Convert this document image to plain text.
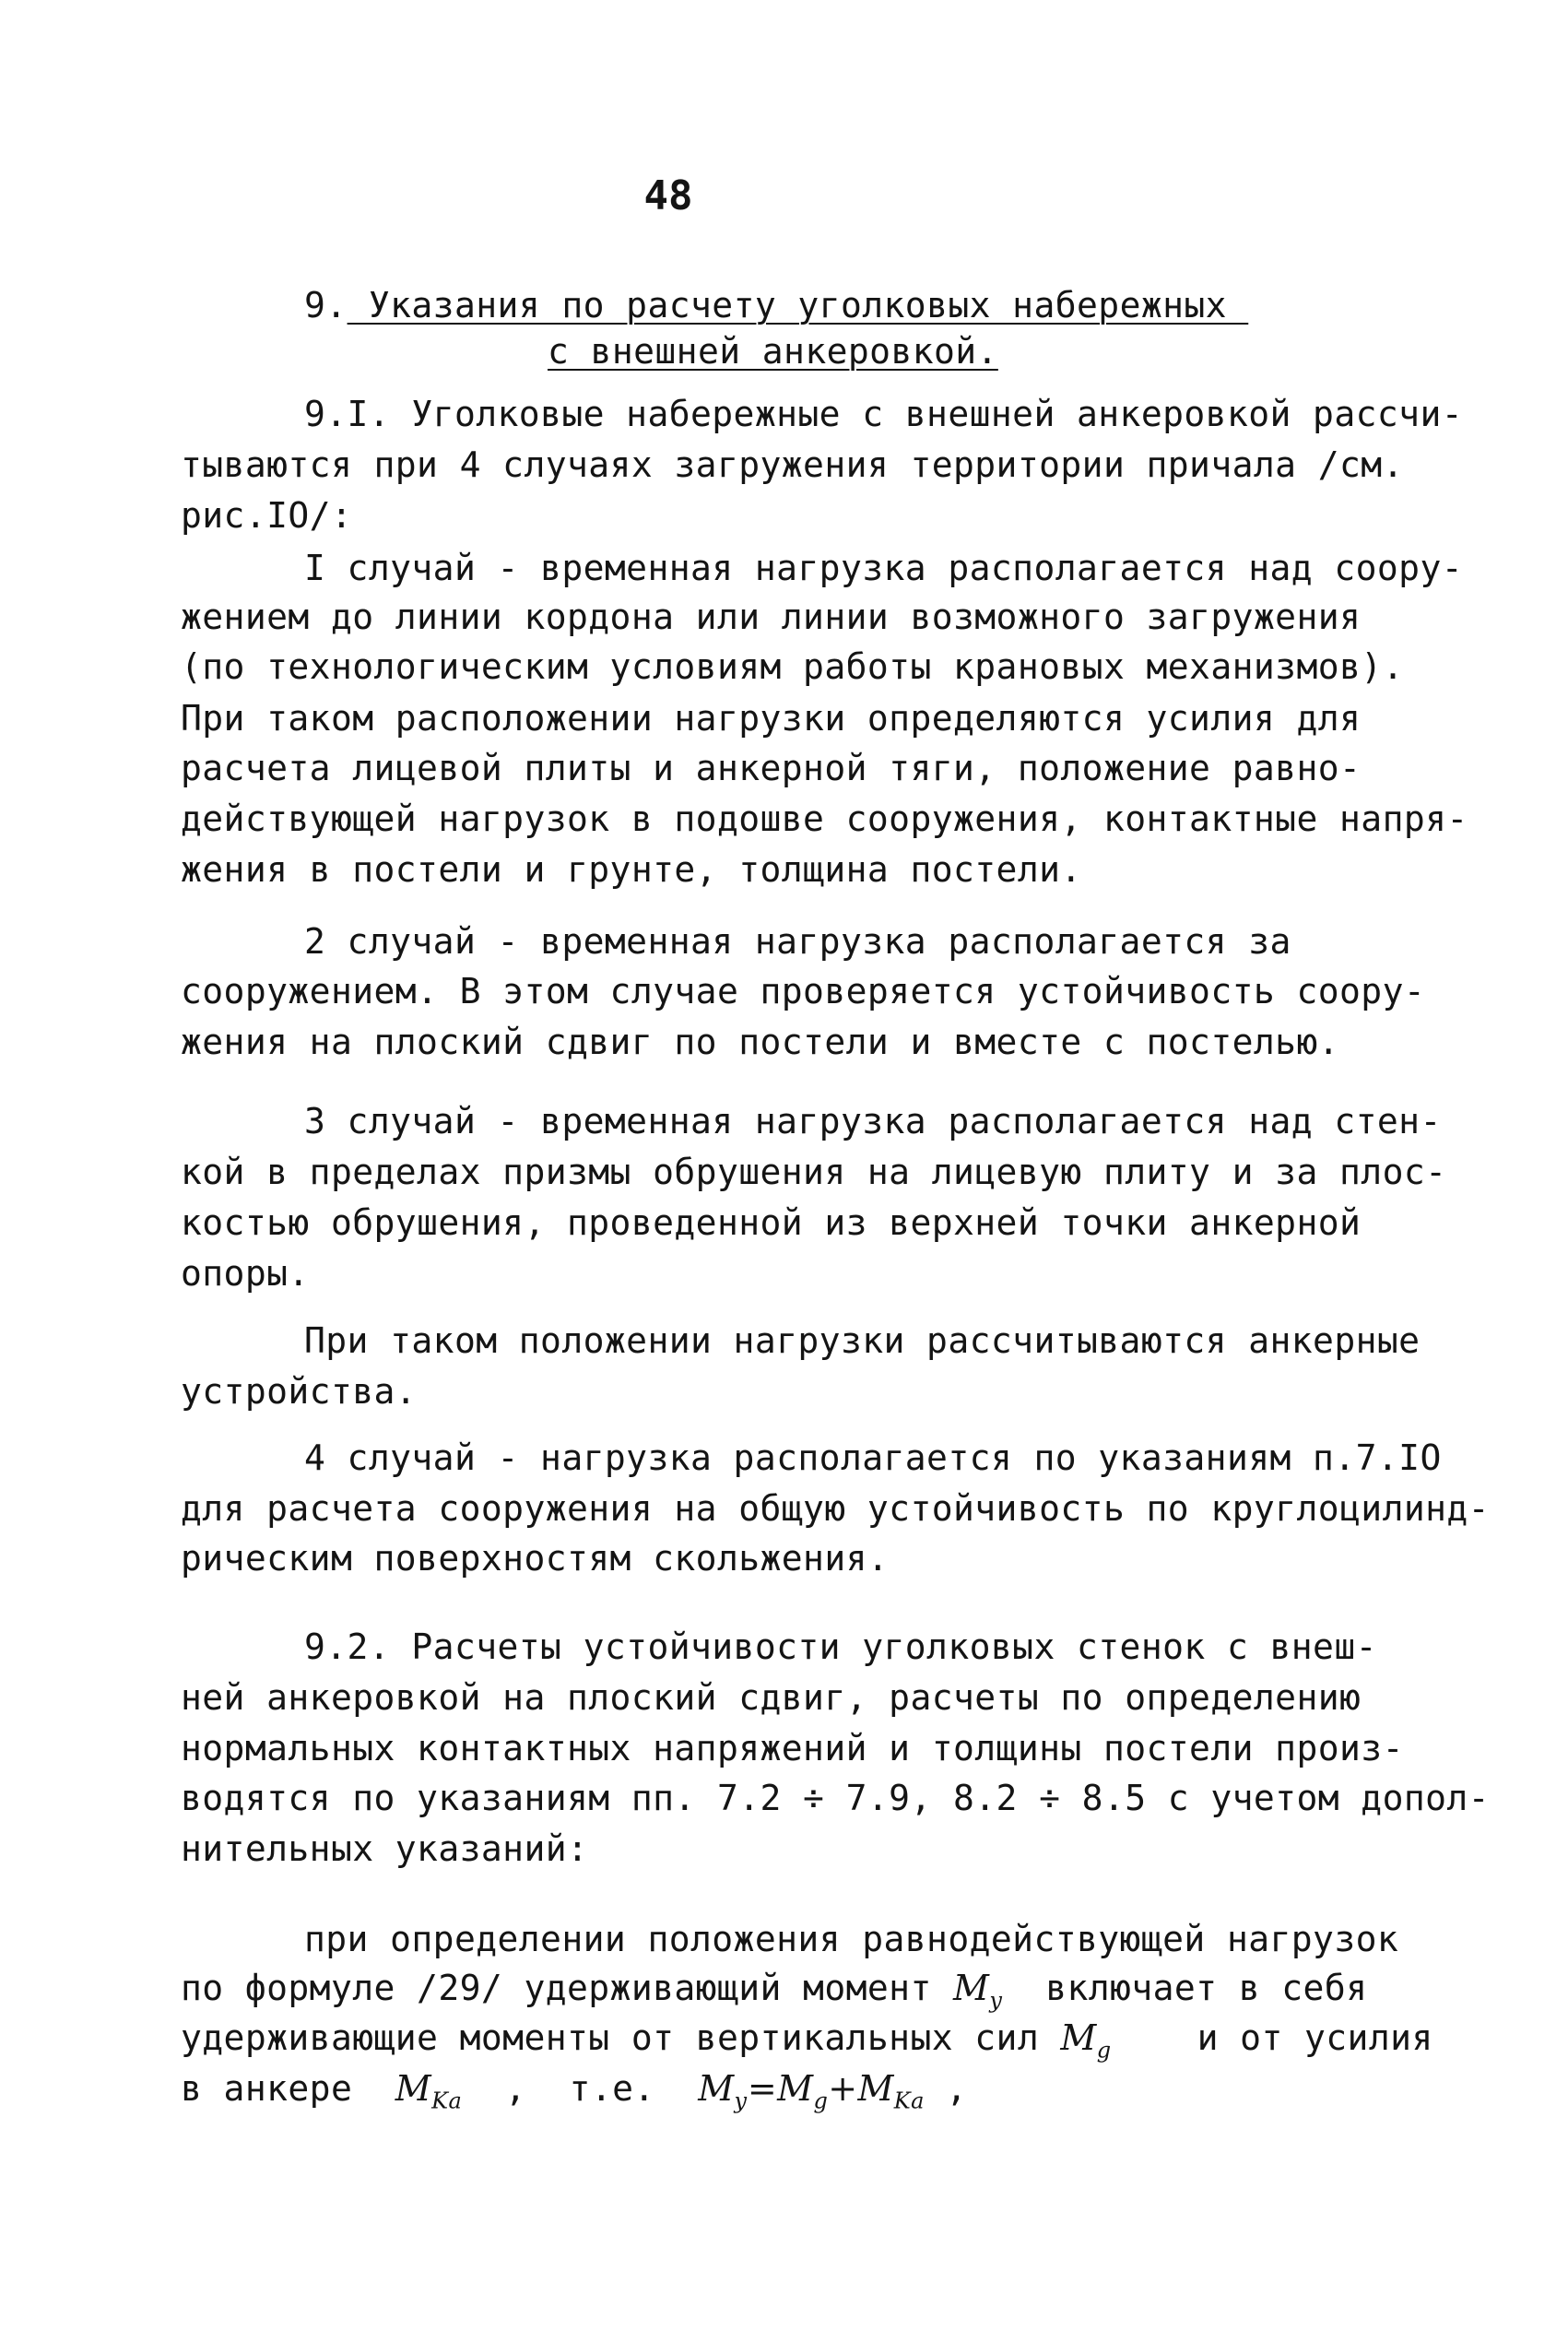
48
9. Указания по расчету уголковых набережных
с внешней анкеровкой.
9.I. Уголковые набережные с внешней анкеровкой рассчи-
тываются при 4 случаях загружения территории причала /см.
рис.IO/:
I случай - временная нагрузка располагается над соору-
жением до линии кордона или линии возможного загружения
(по технологическим условиям работы крановых механизмов).
При таком расположении нагрузки определяются усилия для
расчета лицевой плиты и анкерной тяги, положение равно-
действующей нагрузок в подошве сооружения, контактные напря-
жения в постели и грунте, толщина постели.
2 случай - временная нагрузка располагается за
сооружением. В этом случае проверяется устойчивость соору-
жения на плоский сдвиг по постели и вместе с постелью.
3 случай - временная нагрузка располагается над стен-
кой в пределах призмы обрушения на лицевую плиту и за плос-
костью обрушения, проведенной из верхней точки анкерной
опоры.
При таком положении нагрузки рассчитываются анкерные
устройства.
4 случай - нагрузка располагается по указаниям п.7.IO
для расчета сооружения на общую устойчивость по круглоцилинд-
рическим поверхностям скольжения.
9.2. Расчеты устойчивости уголковых стенок с внеш-
ней анкеровкой на плоский сдвиг, расчеты по определению
нормальных контактных напряжений и толщины постели произ-
водятся по указаниям пп. 7.2 ÷ 7.9, 8.2 ÷ 8.5 с учетом допол-
нительных указаний:
при определении положения равнодействующей нагрузок
по формуле /29/ удерживающий момент $M_у$ включает в себя
удерживающие моменты от вертикальных сил $M_g$ и от усилия
в анкере $M_{Ka}$ ,  т.е. $M_у=M_g+M_{Ka}$ ,
